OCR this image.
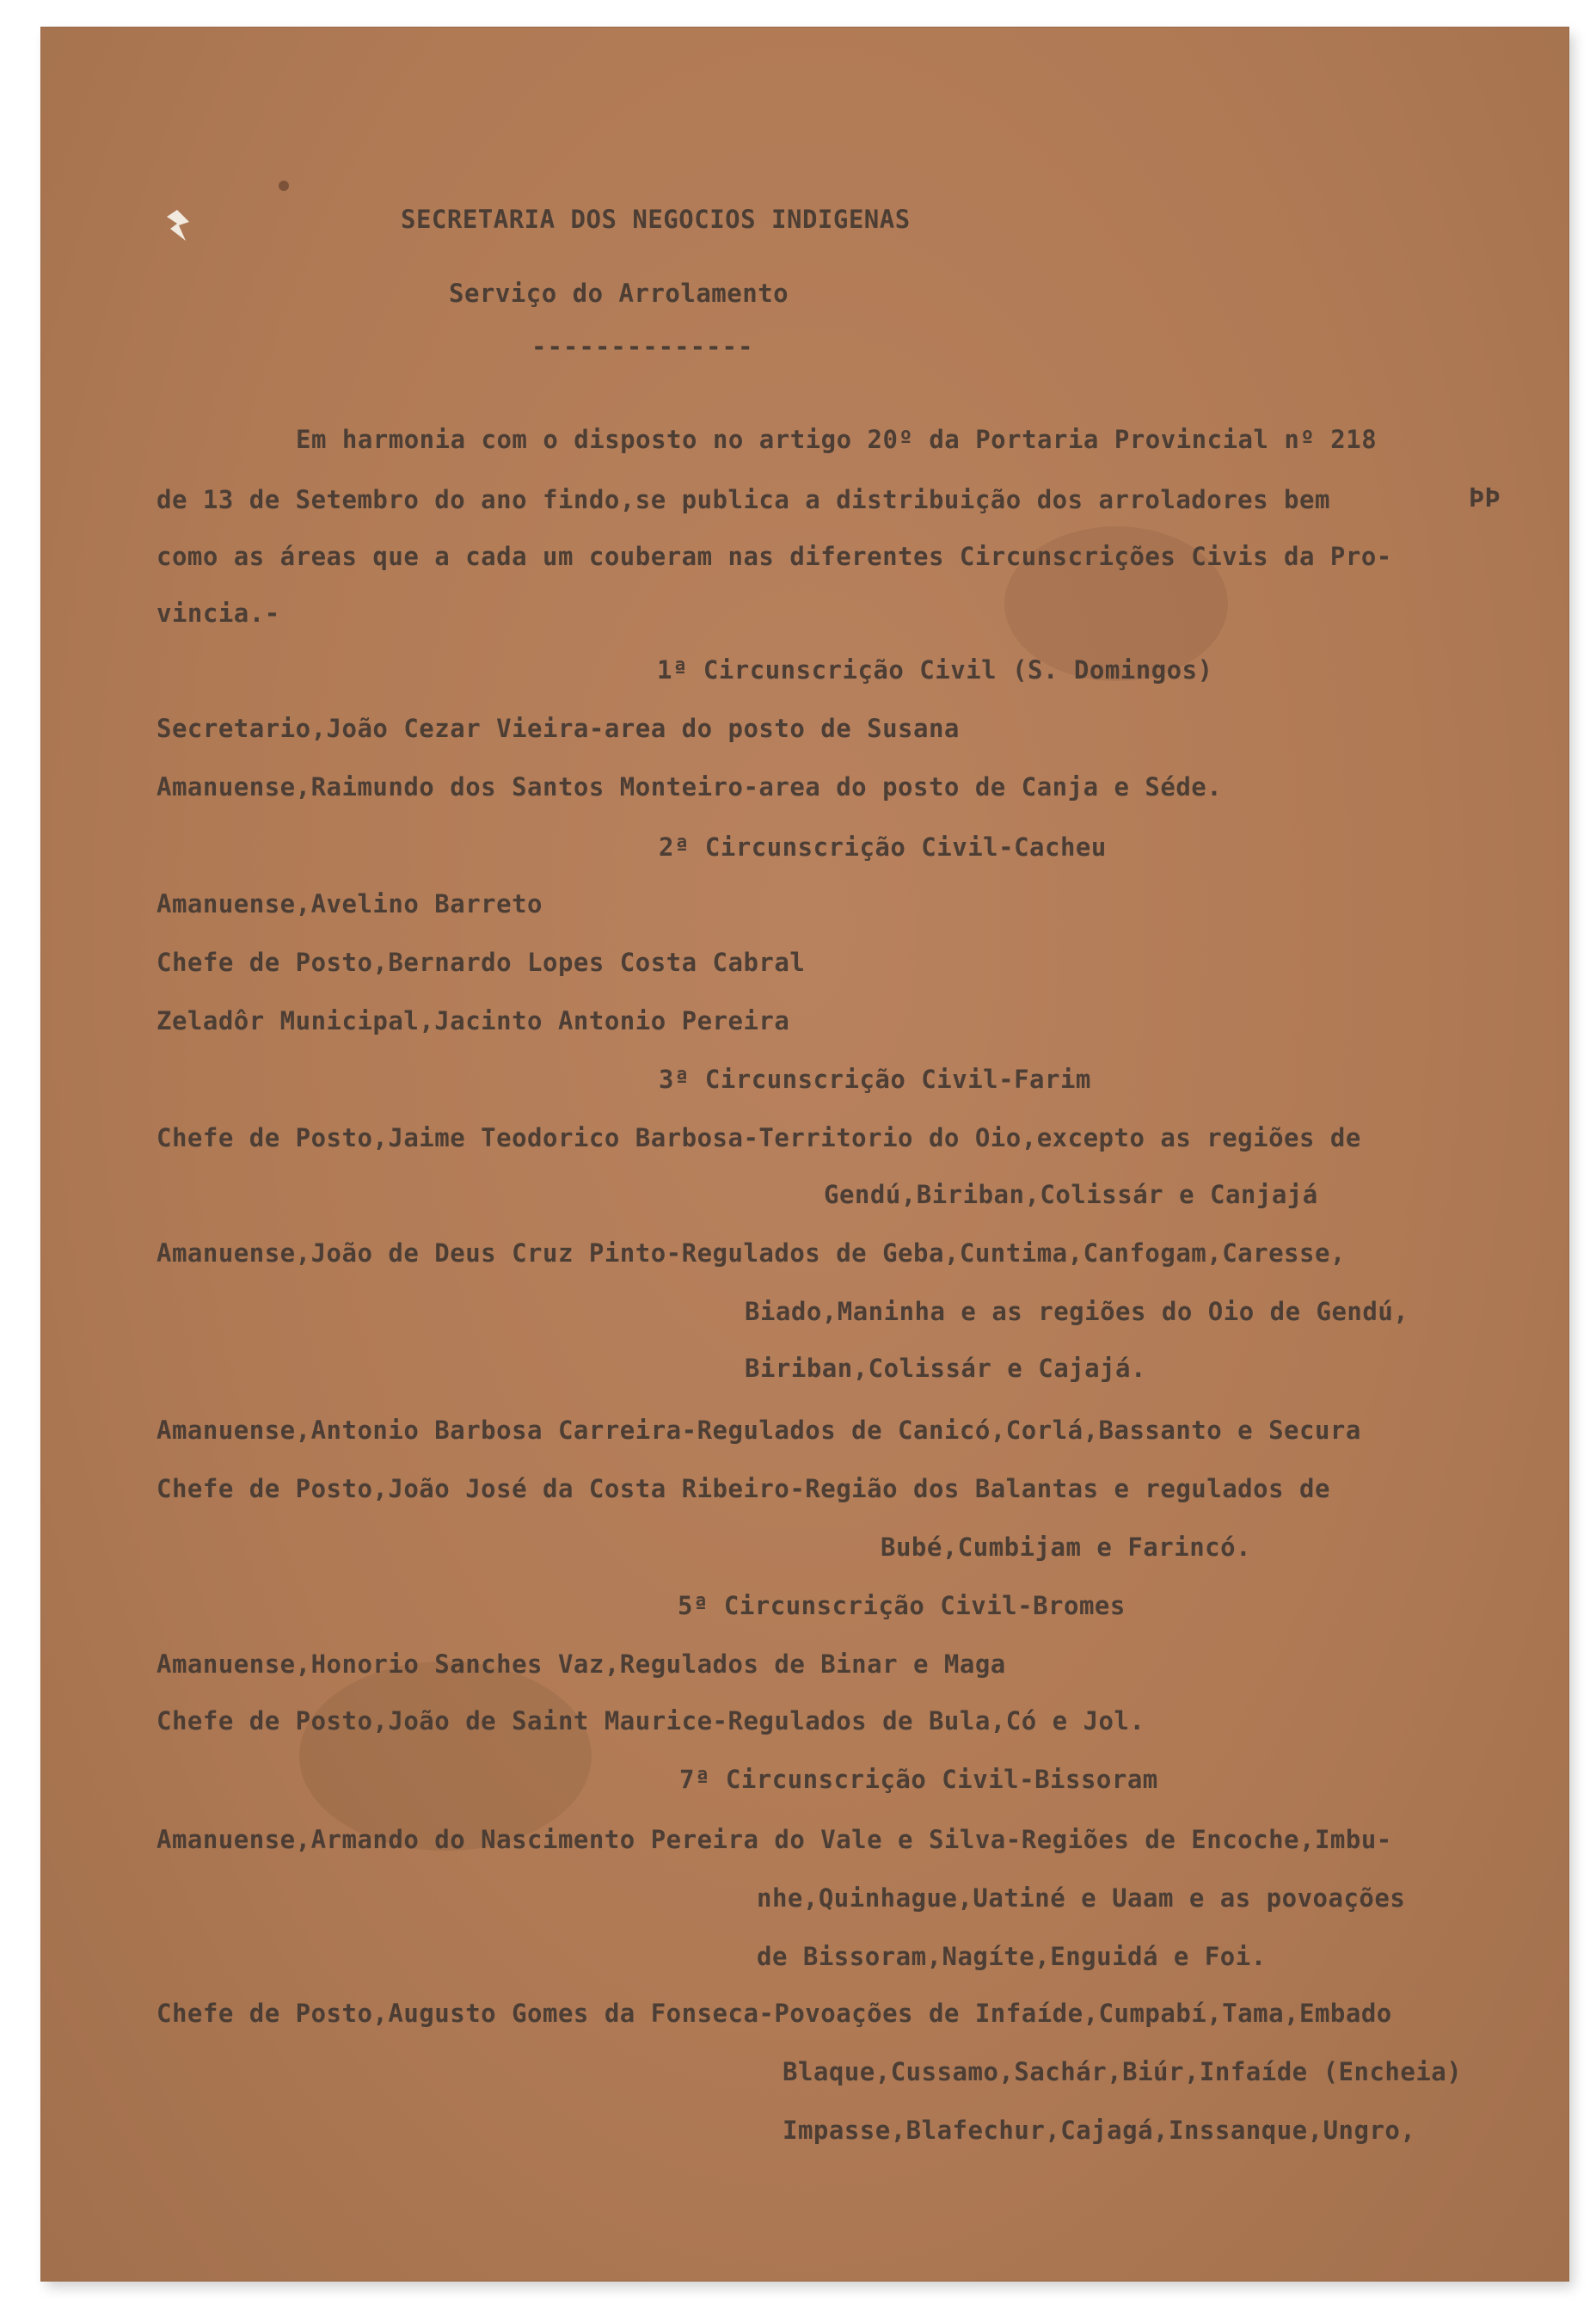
SECRETARIA DOS NEGOCIOS INDIGENAS
Serviço do Arrolamento
--------------
Em harmonia com o disposto no artigo 20º da Portaria Provincial nº 218
de 13 de Setembro do ano findo,se publica a distribuição dos arroladores bem	ÞÞ
como as áreas que a cada um couberam nas diferentes Circunscrições Civis da Pro-
vincia.-
1ª Circunscrição Civil (S. Domingos)
Secretario,João Cezar Vieira-area do posto de Susana
Amanuense,Raimundo dos Santos Monteiro-area do posto de Canja e Séde.
2ª Circunscrição Civil-Cacheu
Amanuense,Avelino Barreto
Chefe de Posto,Bernardo Lopes Costa Cabral
Zeladôr Municipal,Jacinto Antonio Pereira
3ª Circunscrição Civil-Farim
Chefe de Posto,Jaime Teodorico Barbosa-Territorio do Oio,excepto as regiões de
Gendú,Biriban,Colissár e Canjajá
Amanuense,João de Deus Cruz Pinto-Regulados de Geba,Cuntima,Canfogam,Caresse,
Biado,Maninha e as regiões do Oio de Gendú,
Biriban,Colissár e Cajajá.
Amanuense,Antonio Barbosa Carreira-Regulados de Canicó,Corlá,Bassanto e Secura
Chefe de Posto,João José da Costa Ribeiro-Região dos Balantas e regulados de
Bubé,Cumbijam e Farincó.
5ª Circunscrição Civil-Bromes
Amanuense,Honorio Sanches Vaz,Regulados de Binar e Maga
Chefe de Posto,João de Saint Maurice-Regulados de Bula,Có e Jol.
7ª Circunscrição Civil-Bissoram
Amanuense,Armando do Nascimento Pereira do Vale e Silva-Regiões de Encoche,Imbu-
nhe,Quinhague,Uatiné e Uaam e as povoações
de Bissoram,Nagíte,Enguidá e Foi.
Chefe de Posto,Augusto Gomes da Fonseca-Povoações de Infaíde,Cumpabí,Tama,Embado
Blaque,Cussamo,Sachár,Biúr,Infaíde (Encheia)
Impasse,Blafechur,Cajagá,Inssanque,Ungro,
